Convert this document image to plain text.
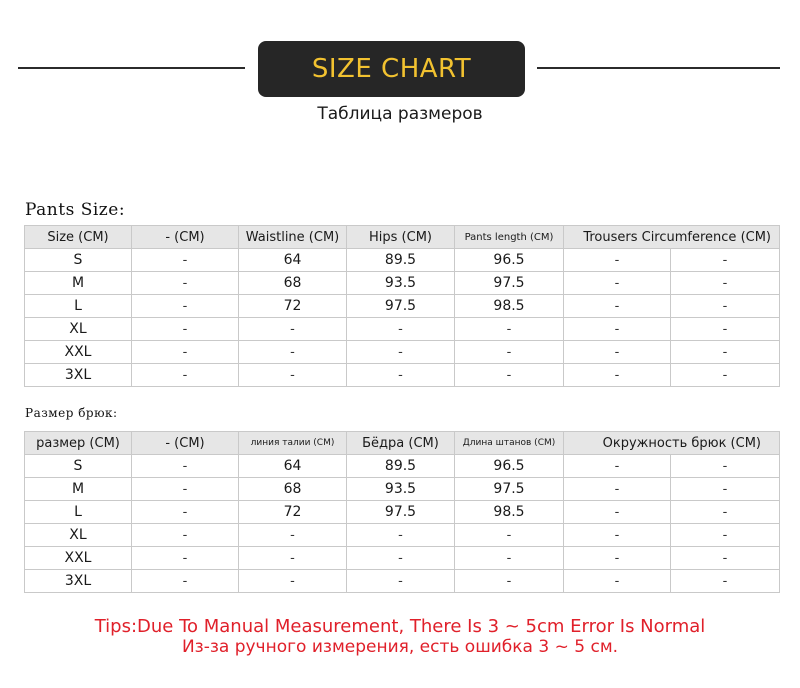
SIZE CHART
Таблица размеров
Pants Size:
Size (CM)	- (CM)	Waistline (CM)	Hips (CM)	Pants length (CM)	Trousers Circumference (CM)	
S	-	64	89.5	96.5	-	-
M	-	68	93.5	97.5	-	-
L	-	72	97.5	98.5	-	-
XL	-	-	-	-	-	-
XXL	-	-	-	-	-	-
3XL	-	-	-	-	-	-
Размер брюк:
размер (CM)	- (CM)	линия талии (CM)	Бёдра (CM)	Длина штанов (CM)	Окружность брюк (CM)	
S	-	64	89.5	96.5	-	-
M	-	68	93.5	97.5	-	-
L	-	72	97.5	98.5	-	-
XL	-	-	-	-	-	-
XXL	-	-	-	-	-	-
3XL	-	-	-	-	-	-
Tips:Due To Manual Measurement, There Is 3 ~ 5cm Error Is Normal
Из-за ручного измерения, есть ошибка 3 ~ 5 см.
